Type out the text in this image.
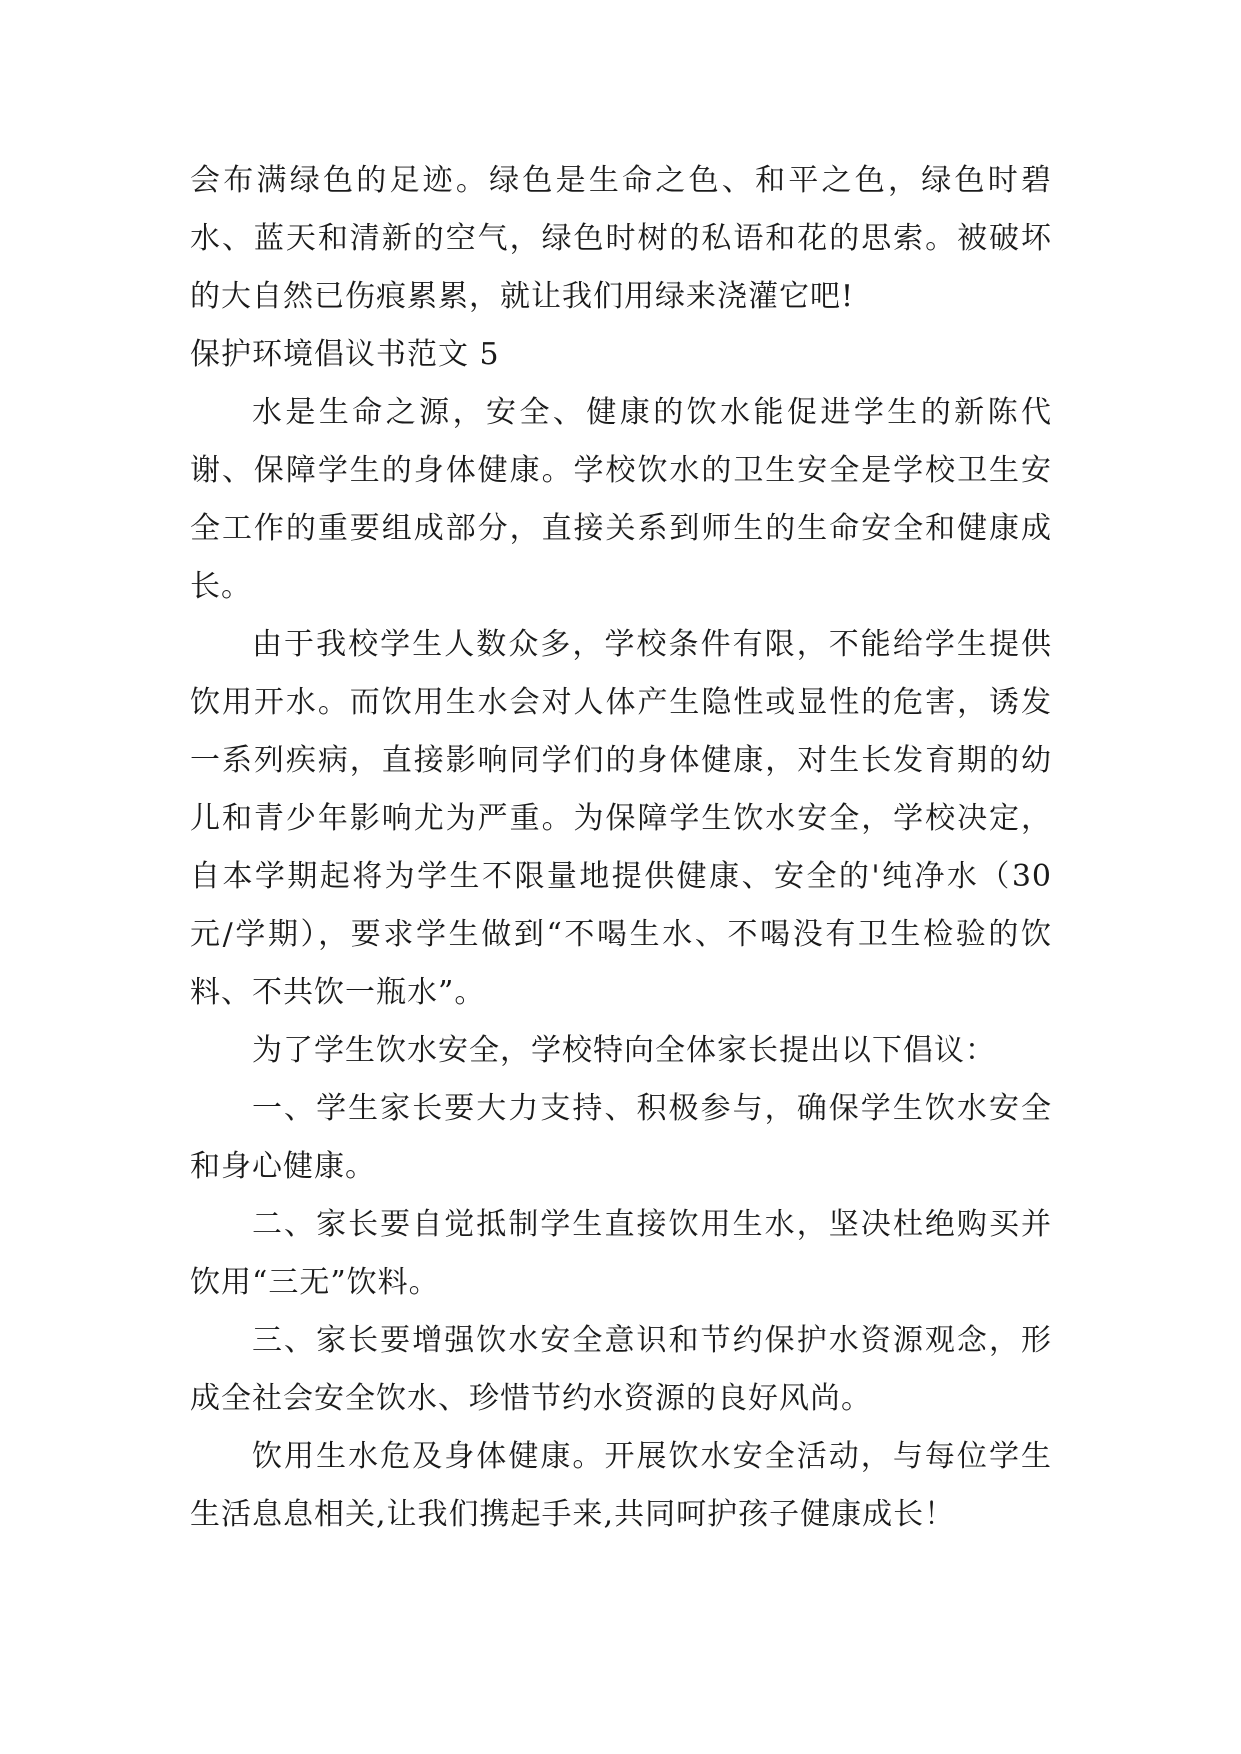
会布满绿色的足迹。绿色是生命之色、和平之色，绿色时碧水、蓝天和清新的空气，绿色时树的私语和花的思索。被破坏的大自然已伤痕累累，就让我们用绿来浇灌它吧!

保护环境倡议书范文 5

水是生命之源，安全、健康的饮水能促进学生的新陈代谢、保障学生的身体健康。学校饮水的卫生安全是学校卫生安全工作的重要组成部分，直接关系到师生的生命安全和健康成长。

由于我校学生人数众多，学校条件有限，不能给学生提供饮用开水。而饮用生水会对人体产生隐性或显性的危害，诱发一系列疾病，直接影响同学们的身体健康，对生长发育期的幼儿和青少年影响尤为严重。为保障学生饮水安全，学校决定，自本学期起将为学生不限量地提供健康、安全的'纯净水（30 元/学期），要求学生做到“不喝生水、不喝没有卫生检验的饮料、不共饮一瓶水”。

为了学生饮水安全，学校特向全体家长提出以下倡议：

一、学生家长要大力支持、积极参与，确保学生饮水安全和身心健康。

二、家长要自觉抵制学生直接饮用生水，坚决杜绝购买并饮用“三无”饮料。

三、家长要增强饮水安全意识和节约保护水资源观念，形成全社会安全饮水、珍惜节约水资源的良好风尚。

饮用生水危及身体健康。开展饮水安全活动，与每位学生生活息息相关,让我们携起手来,共同呵护孩子健康成长！
